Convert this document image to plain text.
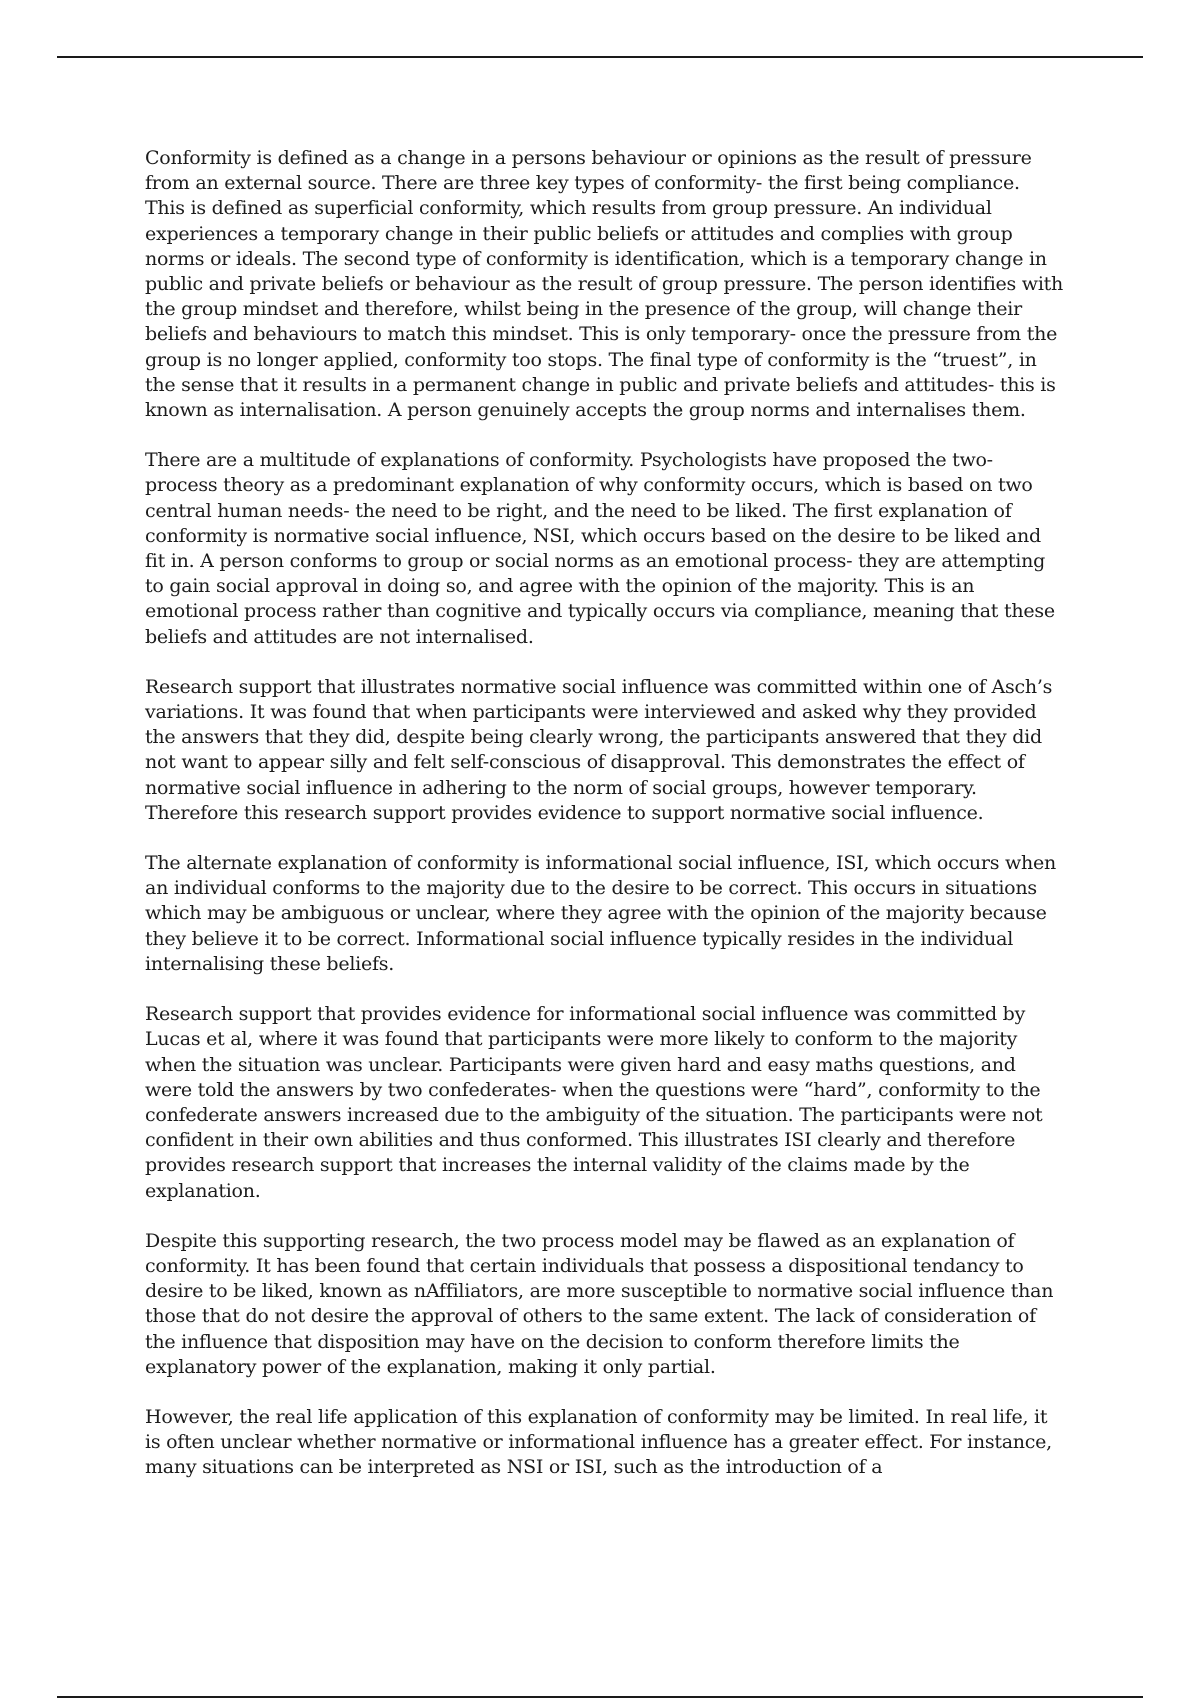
Conformity is defined as a change in a persons behaviour or opinions as the result of pressure from an external source. There are three key types of conformity- the first being compliance. This is defined as superficial conformity, which results from group pressure. An individual experiences a temporary change in their public beliefs or attitudes and complies with group norms or ideals. The second type of conformity is identification, which is a temporary change in public and private beliefs or behaviour as the result of group pressure. The person identifies with the group mindset and therefore, whilst being in the presence of the group, will change their beliefs and behaviours to match this mindset. This is only temporary- once the pressure from the group is no longer applied, conformity too stops. The final type of conformity is the “truest”, in the sense that it results in a permanent change in public and private beliefs and attitudes- this is known as internalisation. A person genuinely accepts the group norms and internalises them.

There are a multitude of explanations of conformity. Psychologists have proposed the two-process theory as a predominant explanation of why conformity occurs, which is based on two central human needs- the need to be right, and the need to be liked. The first explanation of conformity is normative social influence, NSI, which occurs based on the desire to be liked and fit in. A person conforms to group or social norms as an emotional process- they are attempting to gain social approval in doing so, and agree with the opinion of the majority. This is an emotional process rather than cognitive and typically occurs via compliance, meaning that these beliefs and attitudes are not internalised.

Research support that illustrates normative social influence was committed within one of Asch’s variations. It was found that when participants were interviewed and asked why they provided the answers that they did, despite being clearly wrong, the participants answered that they did not want to appear silly and felt self-conscious of disapproval. This demonstrates the effect of normative social influence in adhering to the norm of social groups, however temporary. Therefore this research support provides evidence to support normative social influence.

The alternate explanation of conformity is informational social influence, ISI, which occurs when an individual conforms to the majority due to the desire to be correct. This occurs in situations which may be ambiguous or unclear, where they agree with the opinion of the majority because they believe it to be correct. Informational social influence typically resides in the individual internalising these beliefs.

Research support that provides evidence for informational social influence was committed by Lucas et al, where it was found that participants were more likely to conform to the majority when the situation was unclear. Participants were given hard and easy maths questions, and were told the answers by two confederates- when the questions were “hard”, conformity to the confederate answers increased due to the ambiguity of the situation. The participants were not confident in their own abilities and thus conformed. This illustrates ISI clearly and therefore provides research support that increases the internal validity of the claims made by the explanation.

Despite this supporting research, the two process model may be flawed as an explanation of conformity. It has been found that certain individuals that possess a dispositional tendancy to desire to be liked, known as nAffiliators, are more susceptible to normative social influence than those that do not desire the approval of others to the same extent. The lack of consideration of the influence that disposition may have on the decision to conform therefore limits the explanatory power of the explanation, making it only partial.

However, the real life application of this explanation of conformity may be limited. In real life, it is often unclear whether normative or informational influence has a greater effect. For instance, many situations can be interpreted as NSI or ISI, such as the introduction of a
